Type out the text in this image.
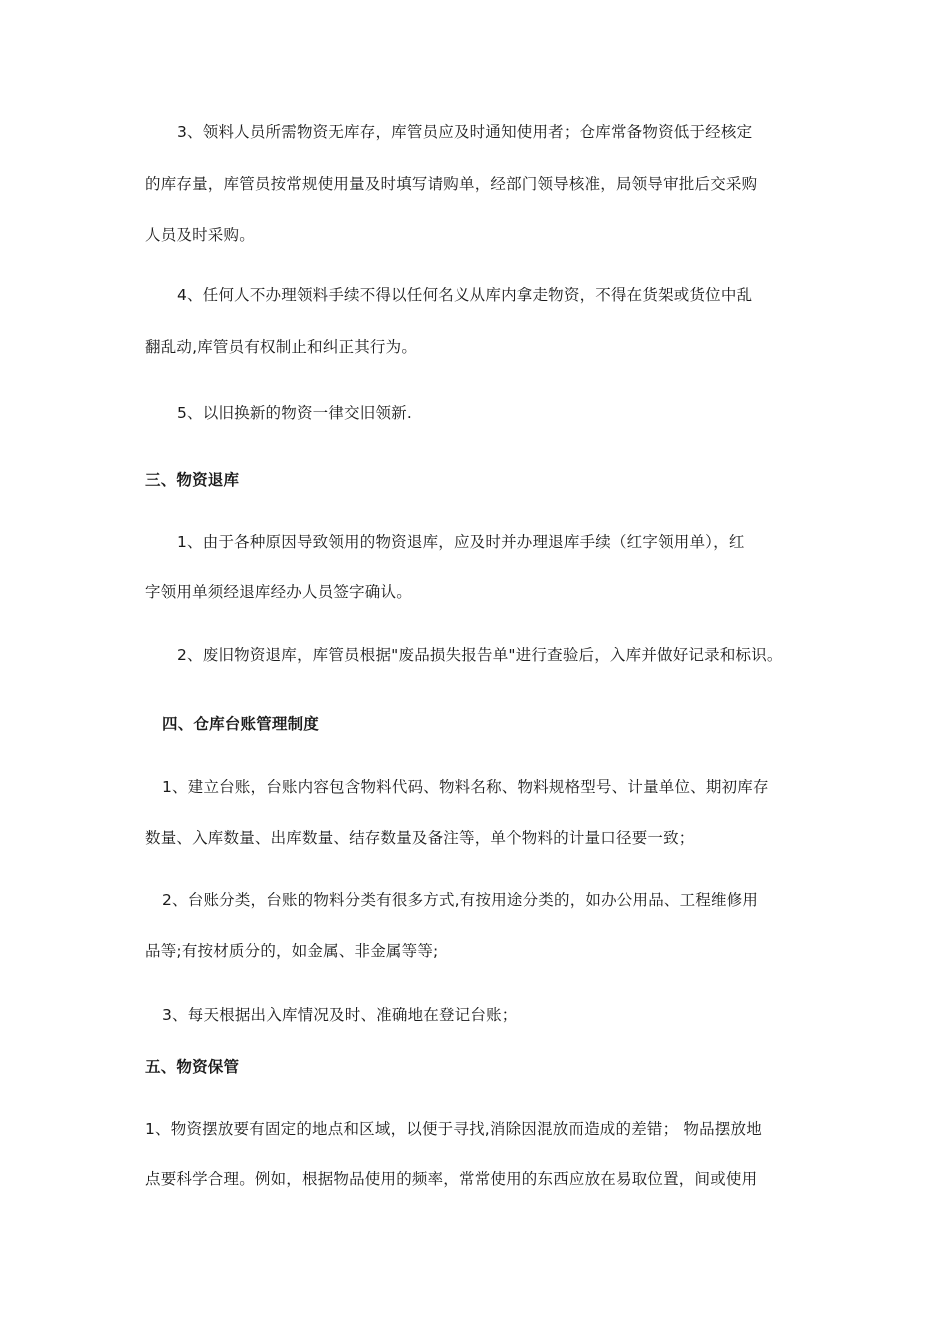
3、领料人员所需物资无库存，库管员应及时通知使用者；仓库常备物资低于经核定
的库存量，库管员按常规使用量及时填写请购单，经部门领导核准，局领导审批后交采购
人员及时采购。
4、任何人不办理领料手续不得以任何名义从库内拿走物资，不得在货架或货位中乱
翻乱动,库管员有权制止和纠正其行为。
5、以旧换新的物资一律交旧领新.
三、物资退库
1、由于各种原因导致领用的物资退库，应及时并办理退库手续（红字领用单），红
字领用单须经退库经办人员签字确认。
2、废旧物资退库，库管员根据"废品损失报告单"进行查验后，入库并做好记录和标识。
四、仓库台账管理制度
1、建立台账，台账内容包含物料代码、物料名称、物料规格型号、计量单位、期初库存
数量、入库数量、出库数量、结存数量及备注等，单个物料的计量口径要一致；
2、台账分类，台账的物料分类有很多方式,有按用途分类的，如办公用品、工程维修用
品等;有按材质分的，如金属、非金属等等;
3、每天根据出入库情况及时、准确地在登记台账；
五、物资保管
1、物资摆放要有固定的地点和区域，以便于寻找,消除因混放而造成的差错； 物品摆放地
点要科学合理。例如，根据物品使用的频率，常常使用的东西应放在易取位置，间或使用
